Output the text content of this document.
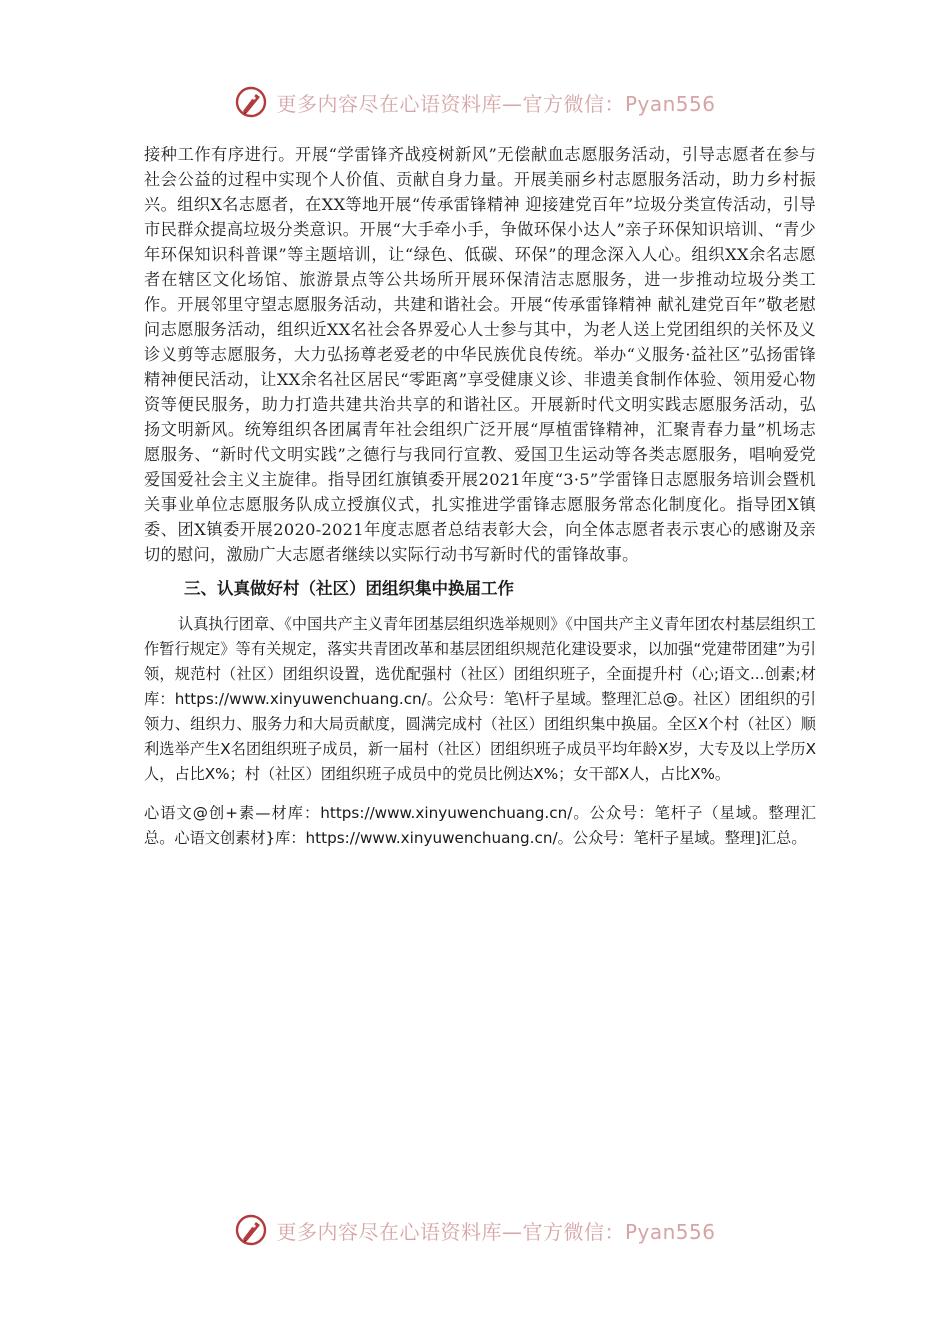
更多内容尽在心语资料库—官方微信：Pyan556

接种工作有序进行。开展“学雷锋齐战疫树新风”无偿献血志愿服务活动，引导志愿者在参与社会公益的过程中实现个人价值、贡献自身力量。开展美丽乡村志愿服务活动，助力乡村振兴。组织X名志愿者，在XX等地开展“传承雷锋精神 迎接建党百年”垃圾分类宣传活动，引导市民群众提高垃圾分类意识。开展“大手牵小手，争做环保小达人”亲子环保知识培训、“青少年环保知识科普课”等主题培训，让“绿色、低碳、环保”的理念深入人心。组织XX余名志愿者在辖区文化场馆、旅游景点等公共场所开展环保清洁志愿服务，进一步推动垃圾分类工作。开展邻里守望志愿服务活动，共建和谐社会。开展“传承雷锋精神 献礼建党百年”敬老慰问志愿服务活动，组织近XX名社会各界爱心人士参与其中，为老人送上党团组织的关怀及义诊义剪等志愿服务，大力弘扬尊老爱老的中华民族优良传统。举办“义服务·益社区”弘扬雷锋精神便民活动，让XX余名社区居民“零距离”享受健康义诊、非遗美食制作体验、领用爱心物资等便民服务，助力打造共建共治共享的和谐社区。开展新时代文明实践志愿服务活动，弘扬文明新风。统筹组织各团属青年社会组织广泛开展“厚植雷锋精神，汇聚青春力量”机场志愿服务、“新时代文明实践”之德行与我同行宣教、爱国卫生运动等各类志愿服务，唱响爱党爱国爱社会主义主旋律。指导团红旗镇委开展2021年度“3·5”学雷锋日志愿服务培训会暨机关事业单位志愿服务队成立授旗仪式，扎实推进学雷锋志愿服务常态化制度化。指导团X镇委、团X镇委开展2020-2021年度志愿者总结表彰大会，向全体志愿者表示衷心的感谢及亲切的慰问，激励广大志愿者继续以实际行动书写新时代的雷锋故事。

三、认真做好村（社区）团组织集中换届工作

认真执行团章、《中国共产主义青年团基层组织选举规则》《中国共产主义青年团农村基层组织工作暂行规定》等有关规定，落实共青团改革和基层团组织规范化建设要求，以加强“党建带团建”为引领，规范村（社区）团组织设置，选优配强村（社区）团组织班子，全面提升村（心;语文...创素;材库：https://www.xinyuwenchuang.cn/。公众号：笔\杆子星域。整理汇总@。社区）团组织的引领力、组织力、服务力和大局贡献度，圆满完成村（社区）团组织集中换届。全区X个村（社区）顺利选举产生X名团组织班子成员，新一届村（社区）团组织班子成员平均年龄X岁，大专及以上学历X人，占比X%；村（社区）团组织班子成员中的党员比例达X%；女干部X人，占比X%。

心语文@创+素—材库：https://www.xinyuwenchuang.cn/。公众号：笔杆子（星域。整理汇总。心语文创素材}库：https://www.xinyuwenchuang.cn/。公众号：笔杆子星域。整理]汇总。

更多内容尽在心语资料库—官方微信：Pyan556
